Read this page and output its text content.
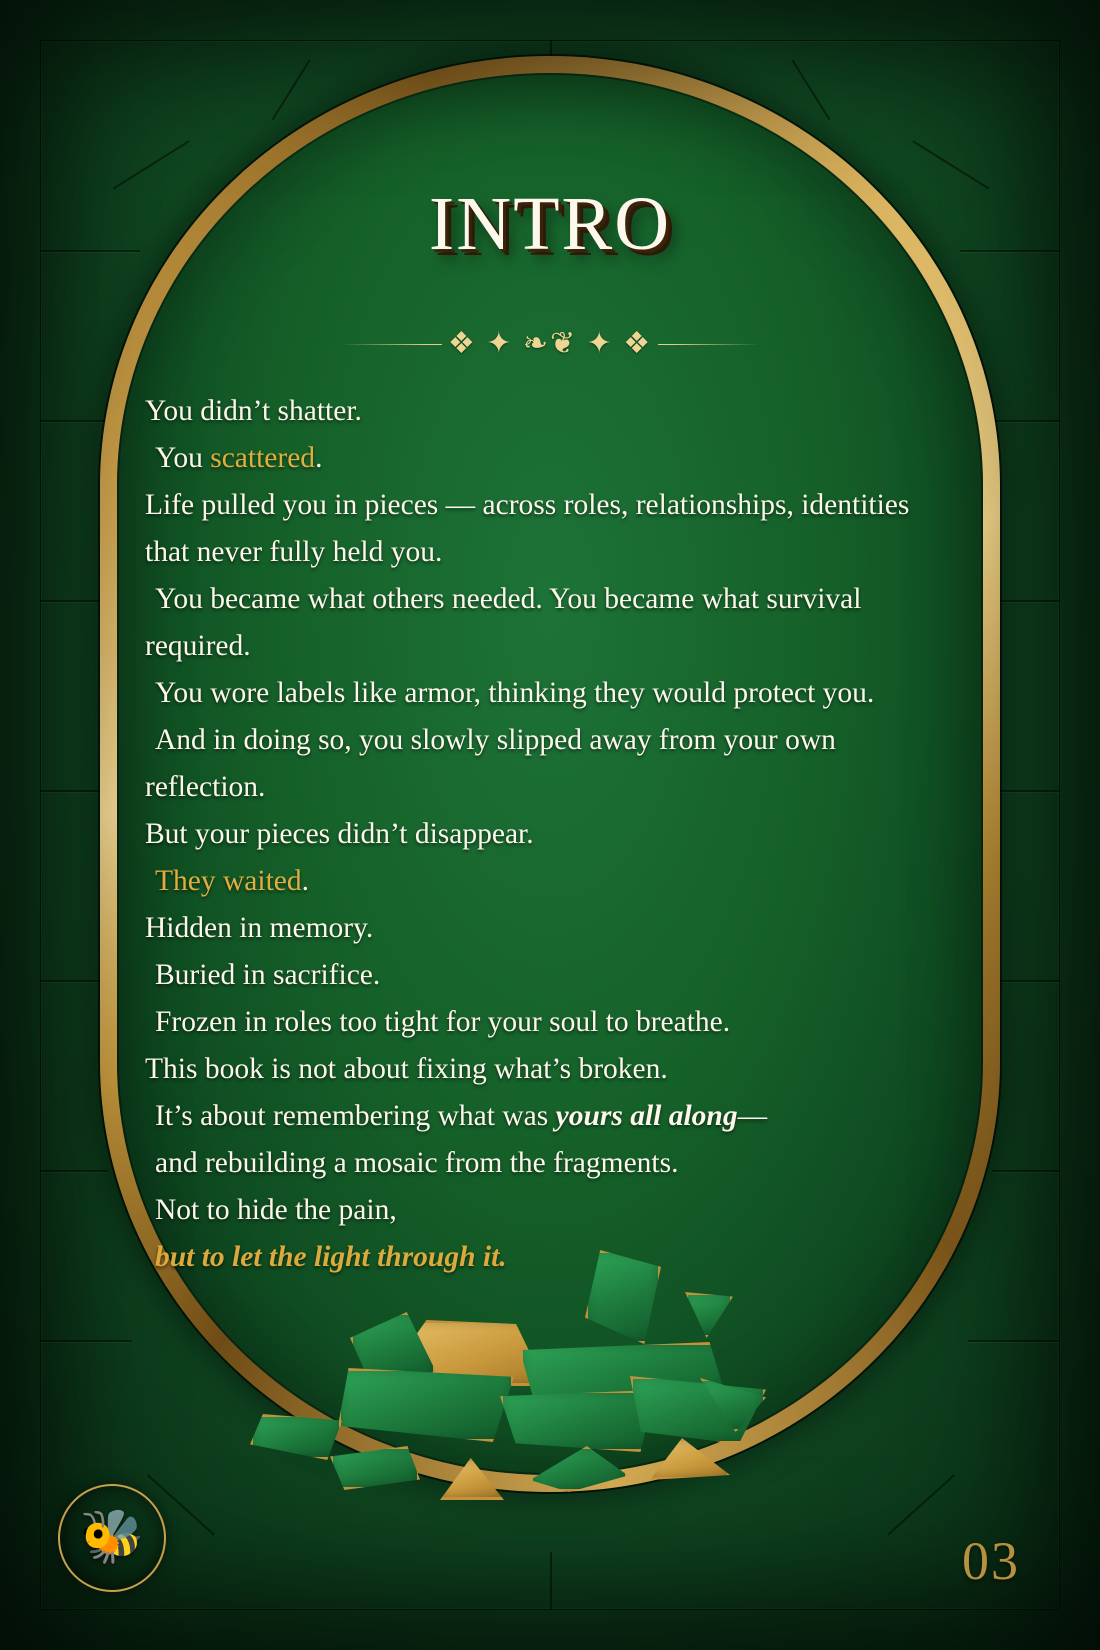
intro
❖ ✦ ❧❦ ✦ ❖

You didn’t shatter.

You scattered.

Life pulled you in pieces — across roles, relationships, identities that never fully held you.

You became what others needed. You became what survival required.

You wore labels like armor, thinking they would protect you.

And in doing so, you slowly slipped away from your own reflection.

But your pieces didn’t disappear.

They waited.

Hidden in memory.

Buried in sacrifice.

Frozen in roles too tight for your soul to breathe.

This book is not about fixing what’s broken.

It’s about remembering what was yours all along—

and rebuilding a mosaic from the fragments.

Not to hide the pain,

but to let the light through it.

🐝	03
